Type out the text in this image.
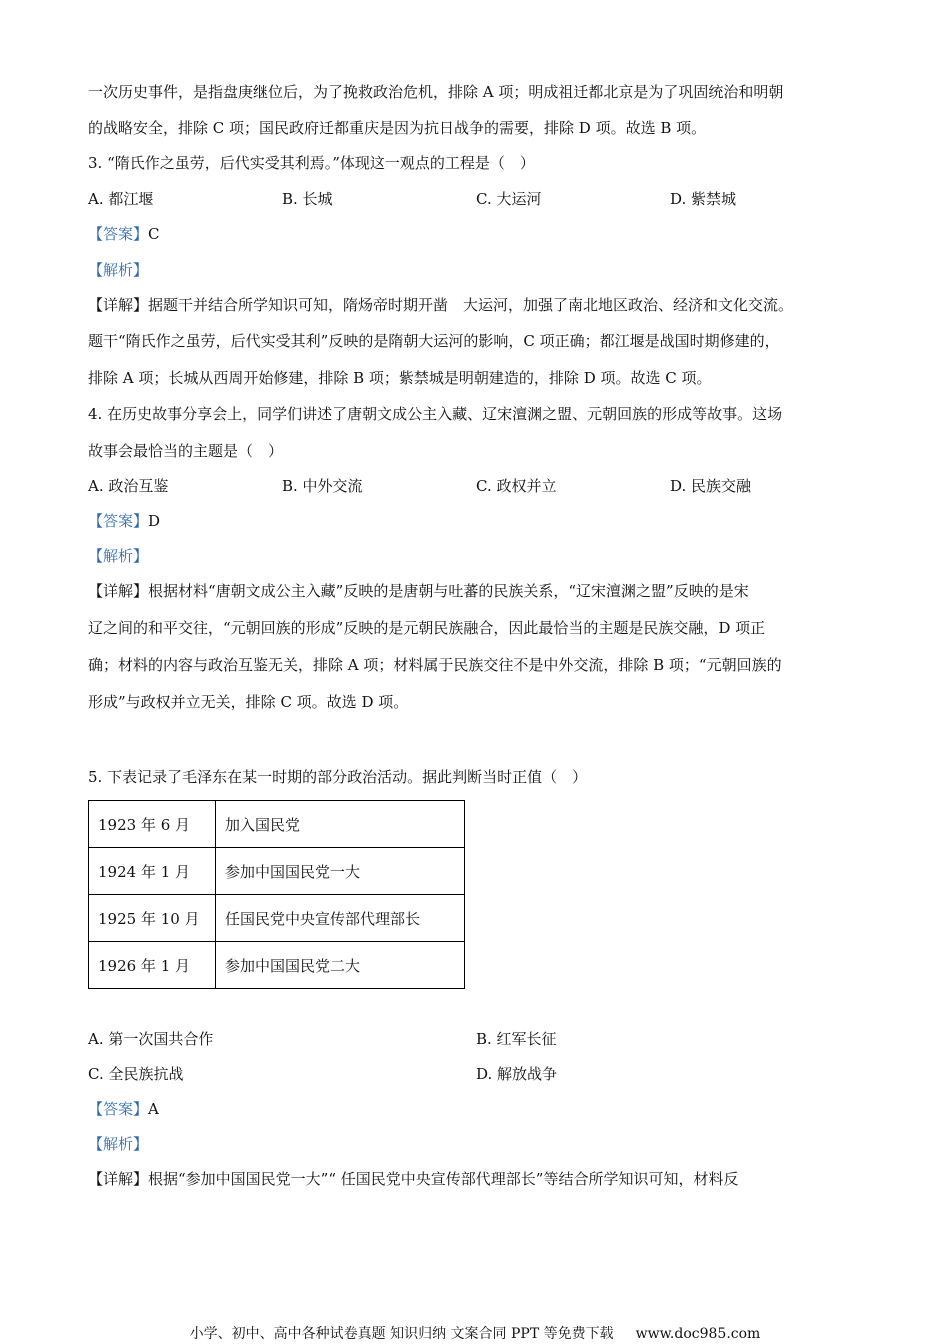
一次历史事件，是指盘庚继位后，为了挽救政治危机，排除 A 项；明成祖迁都北京是为了巩固统治和明朝
的战略安全，排除 C 项；国民政府迁都重庆是因为抗日战争的需要，排除 D 项。故选 B 项。
3. “隋氏作之虽劳，后代实受其利焉。”体现这一观点的工程是（　）
A. 都江堰	B. 长城	C. 大运河	D. 紫禁城
【答案】C
【解析】
【详解】据题干并结合所学知识可知，隋炀帝时期开凿　大运河，加强了南北地区政治、经济和文化交流。
题干“隋氏作之虽劳，后代实受其利”反映的是隋朝大运河的影响，C 项正确；都江堰是战国时期修建的，
排除 A 项；长城从西周开始修建，排除 B 项；紫禁城是明朝建造的，排除 D 项。故选 C 项。
4. 在历史故事分享会上，同学们讲述了唐朝文成公主入藏、辽宋澶渊之盟、元朝回族的形成等故事。这场
故事会最恰当的主题是（　）
A. 政治互鉴	B. 中外交流	C. 政权并立	D. 民族交融
【答案】D
【解析】
【详解】根据材料“唐朝文成公主入藏”反映的是唐朝与吐蕃的民族关系，“辽宋澶渊之盟”反映的是宋
辽之间的和平交往，“元朝回族的形成”反映的是元朝民族融合，因此最恰当的主题是民族交融，D 项正
确；材料的内容与政治互鉴无关，排除 A 项；材料属于民族交往不是中外交流，排除 B 项；“元朝回族的
形成”与政权并立无关，排除 C 项。故选 D 项。
5. 下表记录了毛泽东在某一时期的部分政治活动。据此判断当时正值（　）
1923 年 6 月	加入国民党
1924 年 1 月	参加中国国民党一大
1925 年 10 月	任国民党中央宣传部代理部长
1926 年 1 月	参加中国国民党二大
A. 第一次国共合作	B. 红军长征
C. 全民族抗战	D. 解放战争
【答案】A
【解析】
【详解】根据“参加中国国民党一大”“ 任国民党中央宣传部代理部长”等结合所学知识可知，材料反
小学、初中、高中各种试卷真题 知识归纳 文案合同 PPT 等免费下载 www.doc985.com
